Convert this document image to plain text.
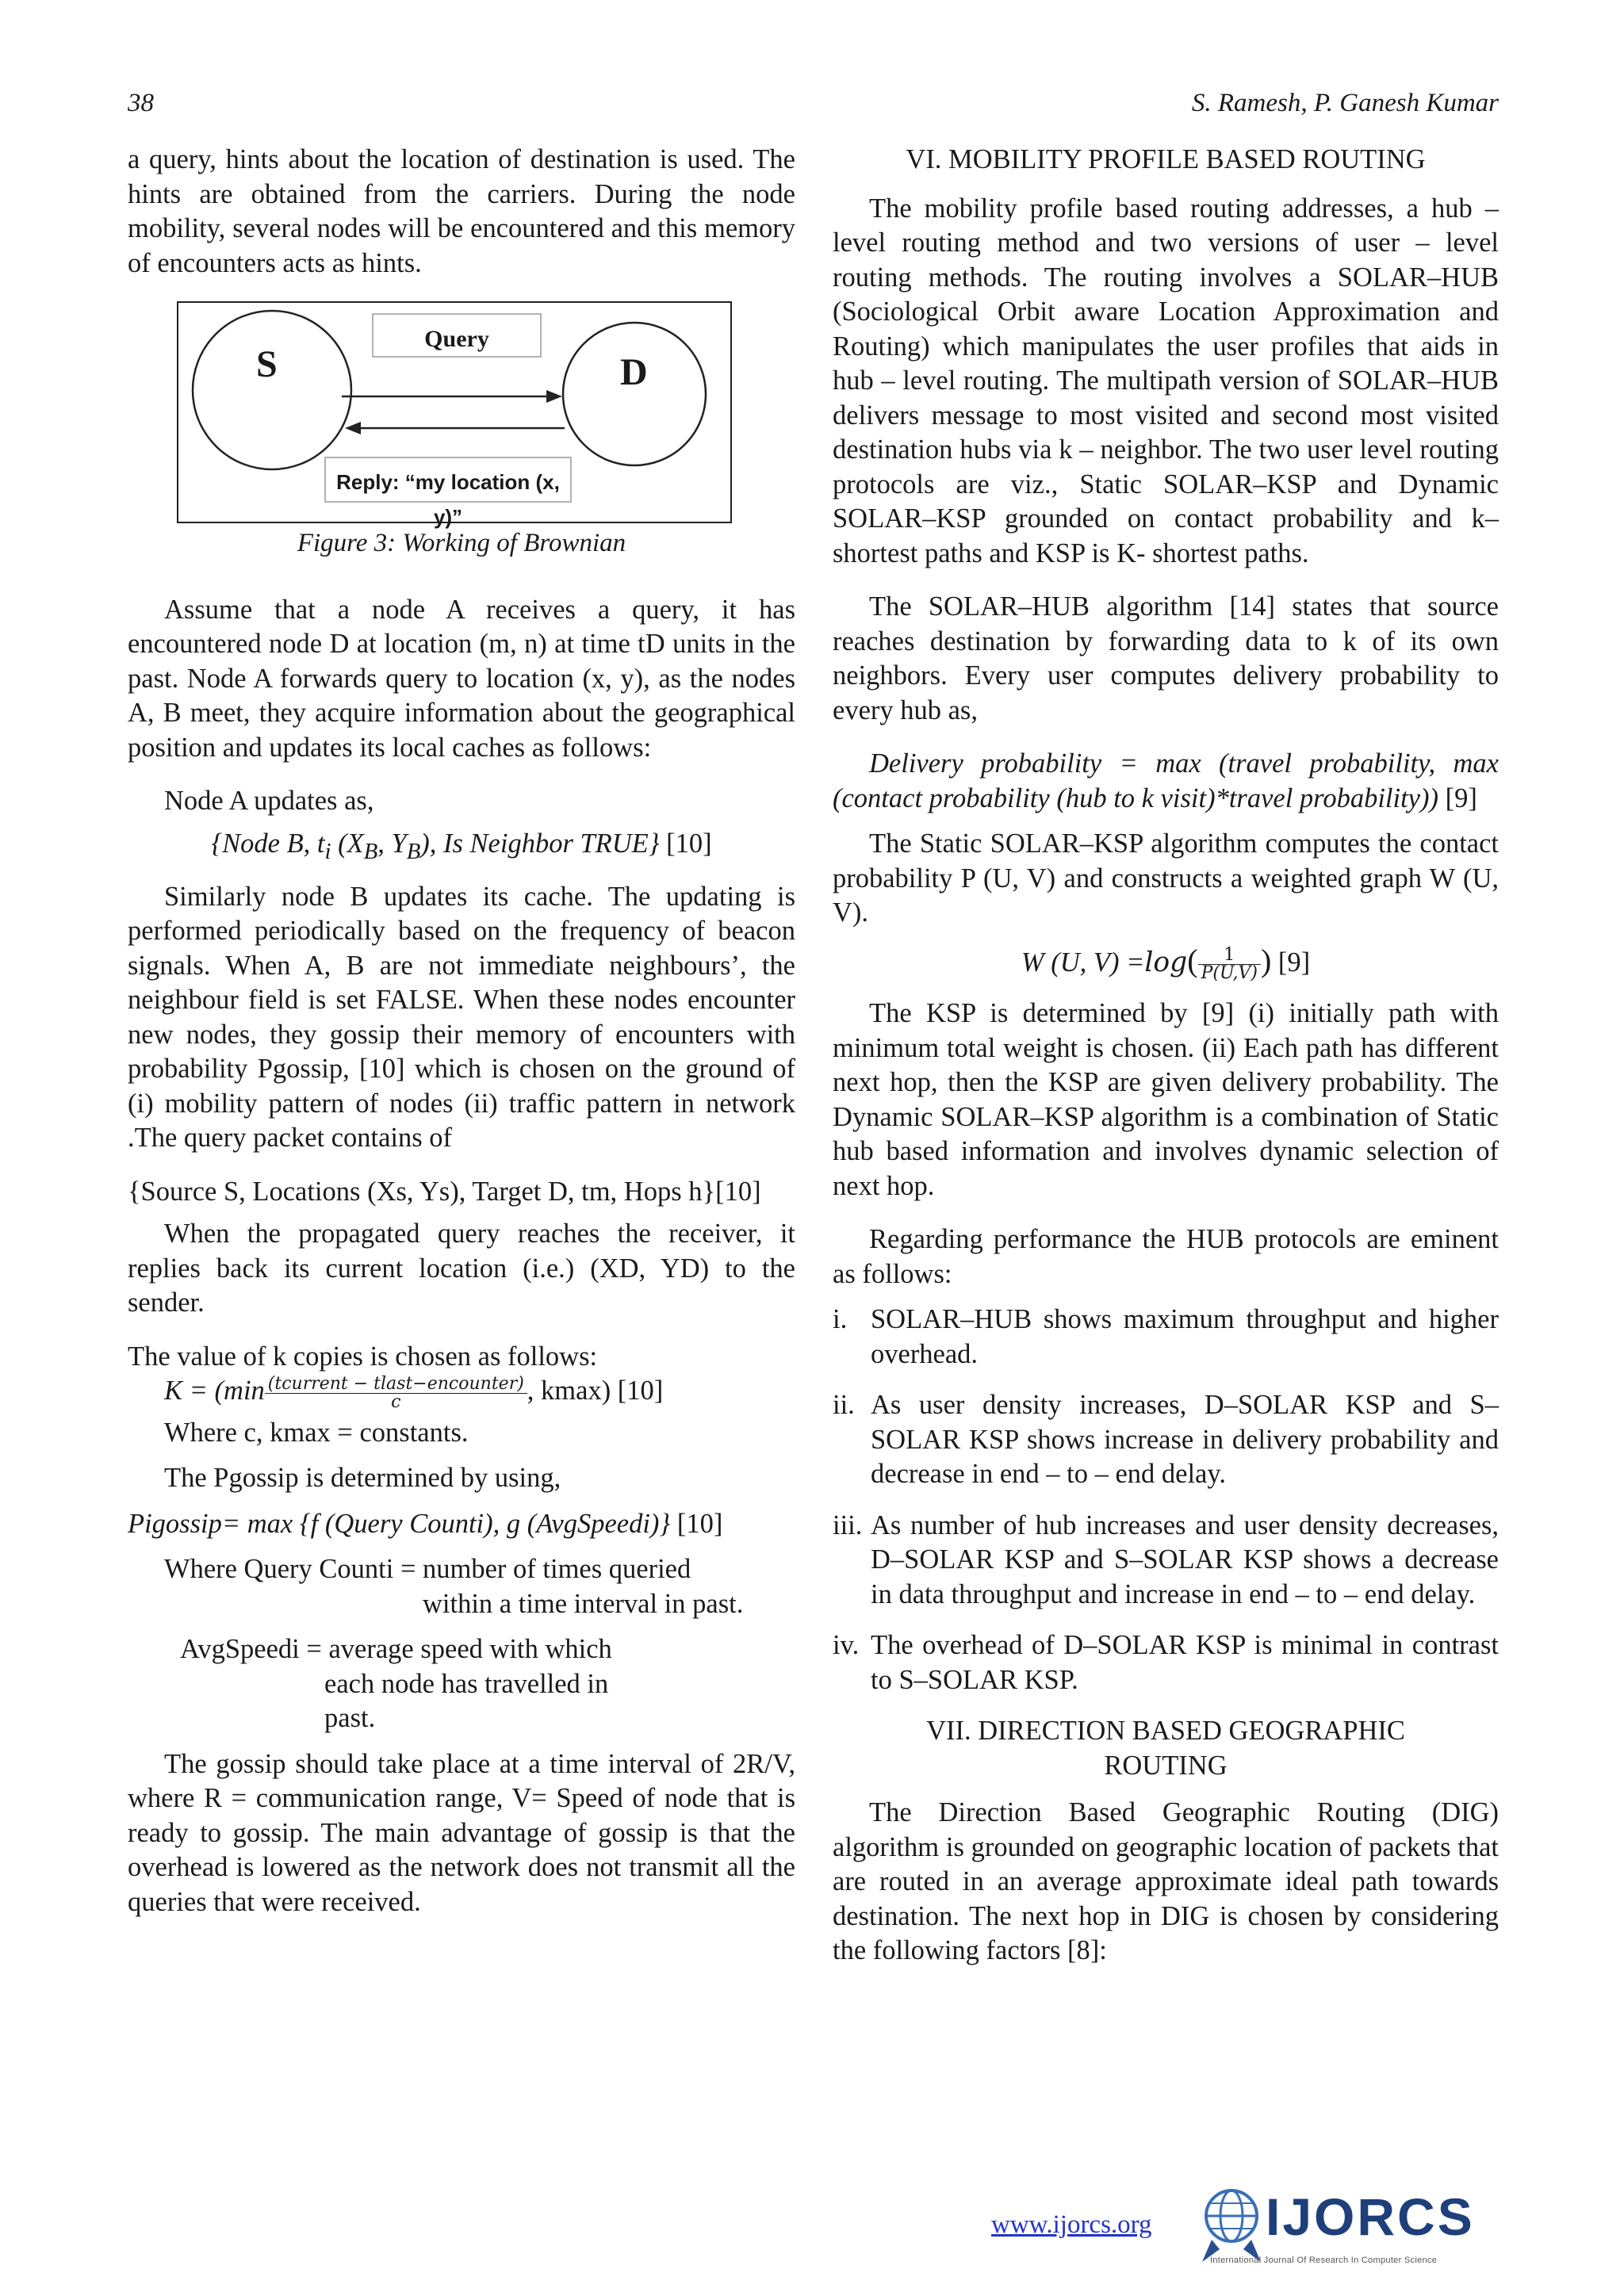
38	S. Ramesh, P. Ganesh Kumar

a query, hints about the location of destination is used. The hints are obtained from the carriers. During the node mobility, several nodes will be encountered and this memory of encounters acts as hints.

S	D
Query
Reply: “my location (x, y)”
Figure 3: Working of Brownian

Assume that a node A receives a query, it has encountered node D at location (m, n) at time tD units in the past. Node A forwards query to location (x, y), as the nodes A, B meet, they acquire information about the geographical position and updates its local caches as follows:

Node A updates as,

{Node B, $t_i$ ($X_B$, $Y_B$), Is Neighbor TRUE} [10]

Similarly node B updates its cache. The updating is performed periodically based on the frequency of beacon signals. When A, B are not immediate neighbours’, the neighbour field is set FALSE. When these nodes encounter new nodes, they gossip their memory of encounters with probability Pgossip, [10] which is chosen on the ground of (i) mobility pattern of nodes (ii) traffic pattern in network .The query packet contains of

{Source S, Locations (Xs, Ys), Target D, tm, Hops h}[10]

When the propagated query reaches the receiver, it replies back its current location (i.e.) (XD, YD) to the sender.

The value of k copies is chosen as follows:

$K = (\min \frac{\text{(tcurrent − tlast−encounter)}}{c}$ , kmax) [10]

Where c, kmax = constants.

The Pgossip is determined by using,

Pigossip= max {f (Query Counti), g (AvgSpeedi)} [10]

Where Query Counti = number of times queried

within a time interval in past.

AvgSpeedi = average speed with which

each node has travelled in

past.

The gossip should take place at a time interval of 2R/V, where R = communication range, V= Speed of node that is ready to gossip. The main advantage of gossip is that the overhead is lowered as the network does not transmit all the queries that were received.

VI. MOBILITY PROFILE BASED ROUTING

The mobility profile based routing addresses, a hub – level routing method and two versions of user – level routing methods. The routing involves a SOLAR–HUB (Sociological Orbit aware Location Approximation and Routing) which manipulates the user profiles that aids in hub – level routing. The multipath version of SOLAR–HUB delivers message to most visited and second most visited destination hubs via k – neighbor. The two user level routing protocols are viz., Static SOLAR–KSP and Dynamic SOLAR–KSP grounded on contact probability and k–shortest paths and KSP is K- shortest paths.

The SOLAR–HUB algorithm [14] states that source reaches destination by forwarding data to k of its own neighbors. Every user computes delivery probability to every hub as,

Delivery probability = max (travel probability, max (contact probability (hub to k visit)*travel probability)) [9]

The Static SOLAR–KSP algorithm computes the contact probability P (U, V) and constructs a weighted graph W (U, V).

W (U, $V) =\log( \frac{1}{P(U,V)}$ ) [9]

The KSP is determined by [9] (i) initially path with minimum total weight is chosen. (ii) Each path has different next hop, then the KSP are given delivery probability. The Dynamic SOLAR–KSP algorithm is a combination of Static hub based information and involves dynamic selection of next hop.

Regarding performance the HUB protocols are eminent as follows:

i. SOLAR–HUB shows maximum throughput and higher overhead.
ii. As user density increases, D–SOLAR KSP and S–SOLAR KSP shows increase in delivery probability and decrease in end – to – end delay.
iii. As number of hub increases and user density decreases, D–SOLAR KSP and S–SOLAR KSP shows a decrease in data throughput and increase in end – to – end delay.
iv. The overhead of D–SOLAR KSP is minimal in contrast to S–SOLAR KSP.

VII. DIRECTION BASED GEOGRAPHIC

ROUTING

The Direction Based Geographic Routing (DIG) algorithm is grounded on geographic location of packets that are routed in an average approximate ideal path towards destination. The next hop in DIG is chosen by considering the following factors [8]:

www.ijorcs.org IJORCS
International Journal Of Research In Computer Science
